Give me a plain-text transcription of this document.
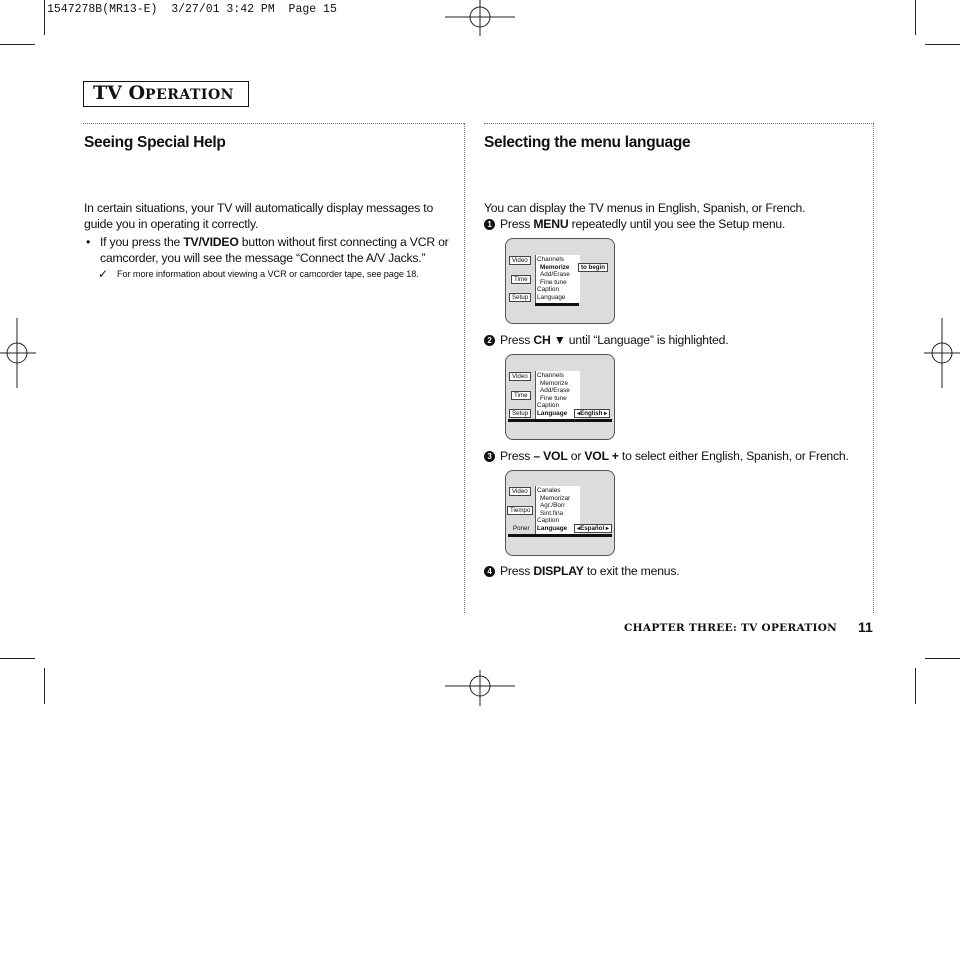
1547278B(MR13-E)  3/27/01 3:42 PM  Page 15
TV OPERATION
Seeing Special Help
In certain situations, your TV will automatically display messages to guide you in operating it correctly.
• If you press the TV/VIDEO button without first connecting a VCR or camcorder, you will see the message “Connect the A/V Jacks.”
✓ For more information about viewing a VCR or camcorder tape, see page 18.
Selecting the menu language
You can display the TV menus in English, Spanish, or French.
1 Press MENU repeatedly until you see the Setup menu.
Video
Time
Setup
Channels
Memorize
Add/Erase
Fine tune
Caption
Language
to begin
2 Press CH ▼ until “Language” is highlighted.
Video
Time
Setup
Channels
Memorize
Add/Erase
Fine tune
Caption
Language	◂English ▸
3 Press – VOL or VOL + to select either English, Spanish, or French.
Video
Tiempo
Poner
Canales
Memorizar
Agr./Borr
Sint.fina
Caption
Language	◂Español ▸
4 Press DISPLAY to exit the menus.
CHAPTER THREE: TV OPERATION 11
